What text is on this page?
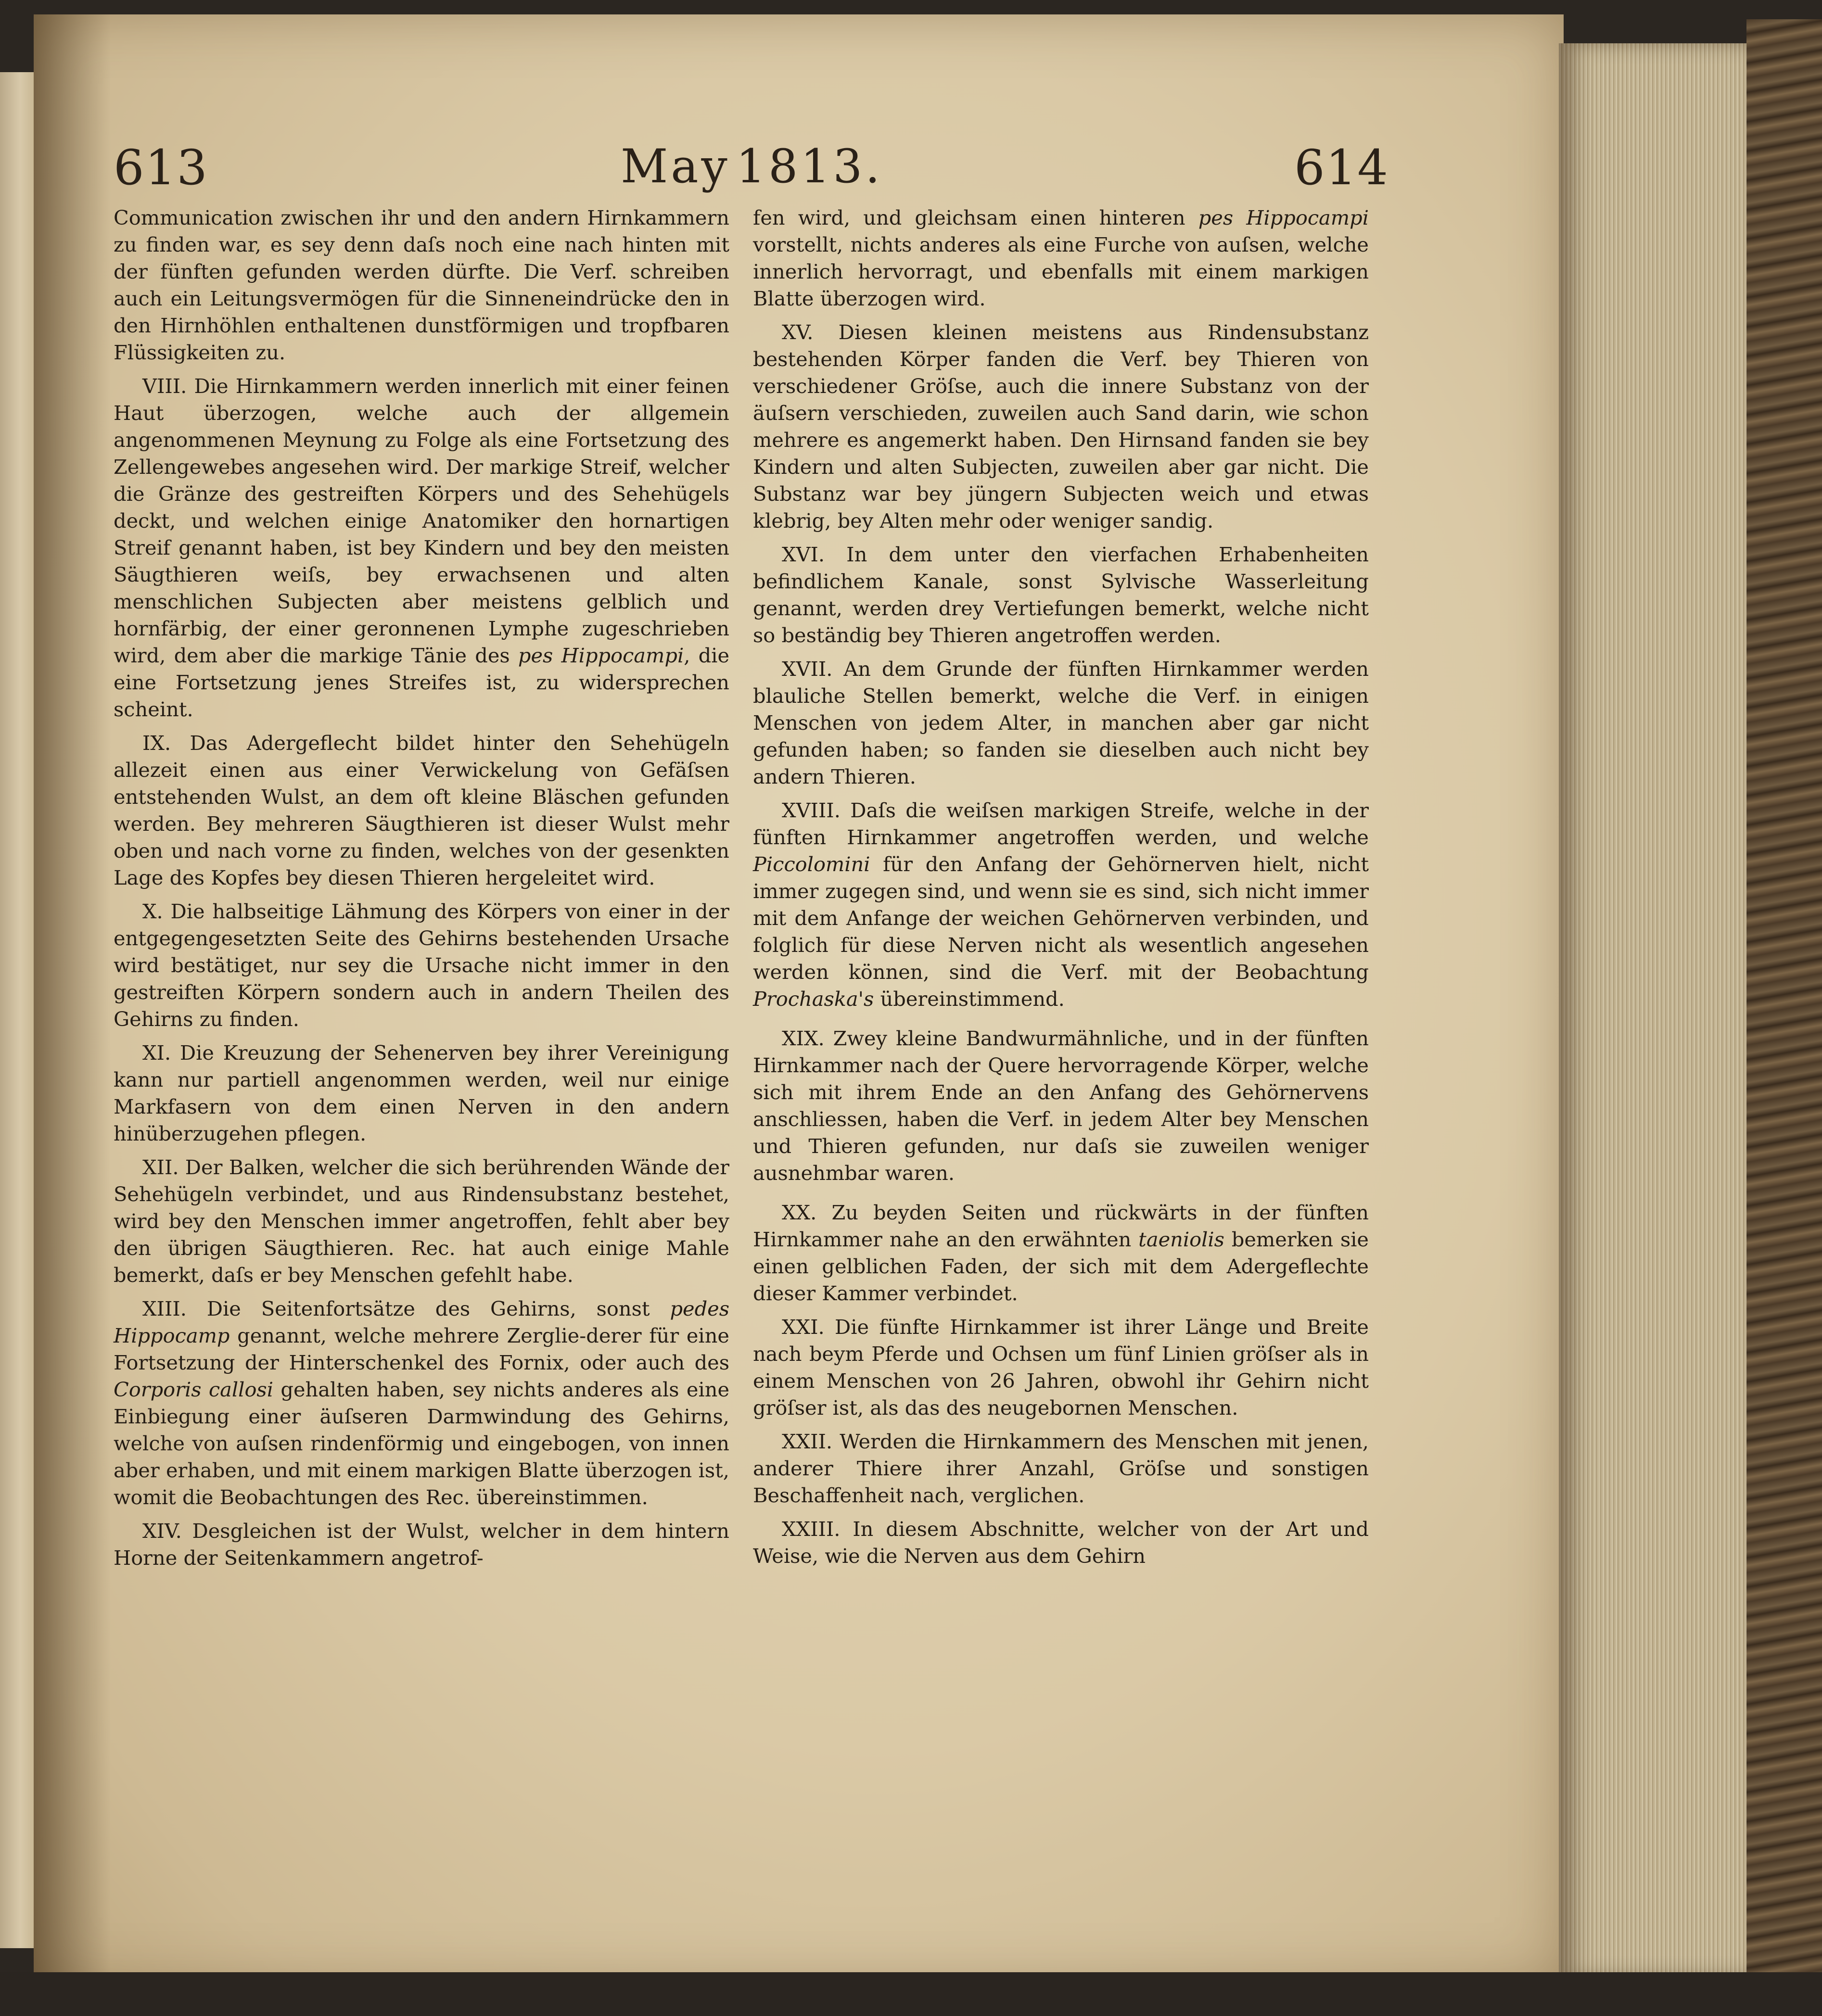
613	May 1813.	614

Communication zwischen ihr und den andern Hirnkammern zu finden war, es sey denn daſs noch eine nach hinten mit der fünften gefunden werden dürfte. Die Verf. schreiben auch ein Leitungsvermögen für die Sinneneindrücke den in den Hirnhöhlen enthaltenen dunstförmigen und tropfbaren Flüssigkeiten zu.

VIII. Die Hirnkammern werden innerlich mit einer feinen Haut überzogen, welche auch der allgemein angenommenen Meynung zu Folge als eine Fortsetzung des Zellengewebes angesehen wird. Der markige Streif, welcher die Gränze des gestreiften Körpers und des Sehehügels deckt, und welchen einige Anatomiker den hornartigen Streif genannt haben, ist bey Kindern und bey den meisten Säugthieren weiſs, bey erwachsenen und alten menschlichen Subjecten aber meistens gelblich und hornfärbig, der einer geronnenen Lymphe zugeschrieben wird, dem aber die markige Tänie des pes Hippocampi, die eine Fortsetzung jenes Streifes ist, zu widersprechen scheint.

IX. Das Adergeflecht bildet hinter den Sehehügeln allezeit einen aus einer Verwickelung von Gefäſsen entstehenden Wulst, an dem oft kleine Bläschen gefunden werden. Bey mehreren Säugthieren ist dieser Wulst mehr oben und nach vorne zu finden, welches von der gesenkten Lage des Kopfes bey diesen Thieren hergeleitet wird.

X. Die halbseitige Lähmung des Körpers von einer in der entgegengesetzten Seite des Gehirns bestehenden Ursache wird bestätiget, nur sey die Ursache nicht immer in den gestreiften Körpern sondern auch in andern Theilen des Gehirns zu finden.

XI. Die Kreuzung der Sehenerven bey ihrer Vereinigung kann nur partiell angenommen werden, weil nur einige Markfasern von dem einen Nerven in den andern hinüberzugehen pflegen.

XII. Der Balken, welcher die sich berührenden Wände der Sehehügeln verbindet, und aus Rindensubstanz bestehet, wird bey den Menschen immer angetroffen, fehlt aber bey den übrigen Säugthieren. Rec. hat auch einige Mahle bemerkt, daſs er bey Menschen gefehlt habe.

XIII. Die Seitenfortsätze des Gehirns, sonst pedes Hippocamp genannt, welche mehrere Zerglie-derer für eine Fortsetzung der Hinterschenkel des Fornix, oder auch des Corporis callosi gehalten haben, sey nichts anderes als eine Einbiegung einer äuſseren Darmwindung des Gehirns, welche von auſsen rindenförmig und eingebogen, von innen aber erhaben, und mit einem markigen Blatte überzogen ist, womit die Beobachtungen des Rec. übereinstimmen.

XIV. Desgleichen ist der Wulst, welcher in dem hintern Horne der Seitenkammern angetrof-

fen wird, und gleichsam einen hinteren pes Hippocampi vorstellt, nichts anderes als eine Furche von auſsen, welche innerlich hervorragt, und ebenfalls mit einem markigen Blatte überzogen wird.

XV. Diesen kleinen meistens aus Rindensubstanz bestehenden Körper fanden die Verf. bey Thieren von verschiedener Gröſse, auch die innere Substanz von der äuſsern verschieden, zuweilen auch Sand darin, wie schon mehrere es angemerkt haben. Den Hirnsand fanden sie bey Kindern und alten Subjecten, zuweilen aber gar nicht. Die Substanz war bey jüngern Subjecten weich und etwas klebrig, bey Alten mehr oder weniger sandig.

XVI. In dem unter den vierfachen Erhabenheiten befindlichem Kanale, sonst Sylvische Wasserleitung genannt, werden drey Vertiefungen bemerkt, welche nicht so beständig bey Thieren angetroffen werden.

XVII. An dem Grunde der fünften Hirnkammer werden blauliche Stellen bemerkt, welche die Verf. in einigen Menschen von jedem Alter, in manchen aber gar nicht gefunden haben; so fanden sie dieselben auch nicht bey andern Thieren.

XVIII. Daſs die weiſsen markigen Streife, welche in der fünften Hirnkammer angetroffen werden, und welche Piccolomini für den Anfang der Gehörnerven hielt, nicht immer zugegen sind, und wenn sie es sind, sich nicht immer mit dem Anfange der weichen Gehörnerven verbinden, und folglich für diese Nerven nicht als wesentlich angesehen werden können, sind die Verf. mit der Beobachtung Prochaska's übereinstimmend.

XIX. Zwey kleine Bandwurmähnliche, und in der fünften Hirnkammer nach der Quere hervorragende Körper, welche sich mit ihrem Ende an den Anfang des Gehörnervens anschliessen, haben die Verf. in jedem Alter bey Menschen und Thieren gefunden, nur daſs sie zuweilen weniger ausnehmbar waren.

XX. Zu beyden Seiten und rückwärts in der fünften Hirnkammer nahe an den erwähnten taeniolis bemerken sie einen gelblichen Faden, der sich mit dem Adergeflechte dieser Kammer verbindet.

XXI. Die fünfte Hirnkammer ist ihrer Länge und Breite nach beym Pferde und Ochsen um fünf Linien gröſser als in einem Menschen von 26 Jahren, obwohl ihr Gehirn nicht gröſser ist, als das des neugebornen Menschen.

XXII. Werden die Hirnkammern des Menschen mit jenen, anderer Thiere ihrer Anzahl, Gröſse und sonstigen Beschaffenheit nach, verglichen.

XXIII. In diesem Abschnitte, welcher von der Art und Weise, wie die Nerven aus dem Gehirn
